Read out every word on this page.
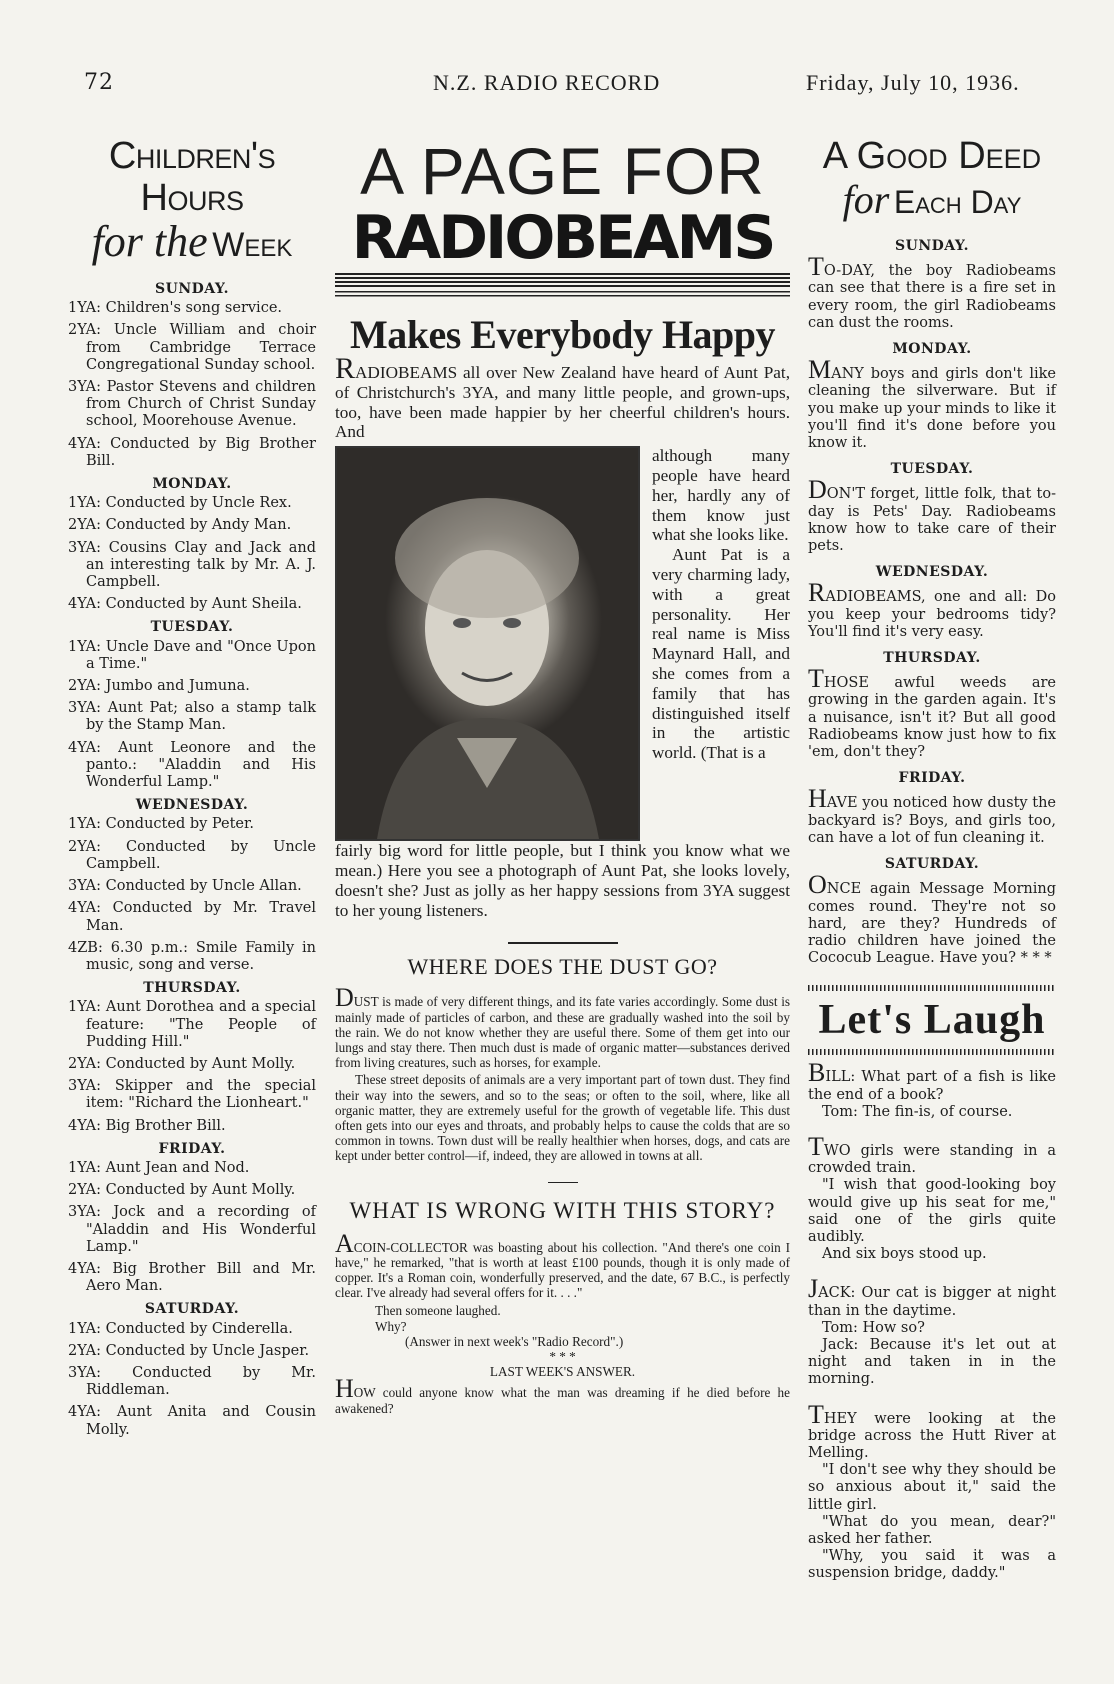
72	N.Z. RADIO RECORD	Friday, July 10, 1936.
Children's Hours
for the Week
SUNDAY.
1YA: Children's song service.
2YA: Uncle William and choir from Cambridge Terrace Congregational Sunday school.
3YA: Pastor Stevens and children from Church of Christ Sunday school, Moorehouse Avenue.
4YA: Conducted by Big Brother Bill.
MONDAY.
1YA: Conducted by Uncle Rex.
2YA: Conducted by Andy Man.
3YA: Cousins Clay and Jack and an interesting talk by Mr. A. J. Campbell.
4YA: Conducted by Aunt Sheila.
TUESDAY.
1YA: Uncle Dave and "Once Upon a Time."
2YA: Jumbo and Jumuna.
3YA: Aunt Pat; also a stamp talk by the Stamp Man.
4YA: Aunt Leonore and the panto.: "Aladdin and His Wonderful Lamp."
WEDNESDAY.
1YA: Conducted by Peter.
2YA: Conducted by Uncle Campbell.
3YA: Conducted by Uncle Allan.
4YA: Conducted by Mr. Travel Man.
4ZB: 6.30 p.m.: Smile Family in music, song and verse.
THURSDAY.
1YA: Aunt Dorothea and a special feature: "The People of Pudding Hill."
2YA: Conducted by Aunt Molly.
3YA: Skipper and the special item: "Richard the Lionheart."
4YA: Big Brother Bill.
FRIDAY.
1YA: Aunt Jean and Nod.
2YA: Conducted by Aunt Molly.
3YA: Jock and a recording of "Aladdin and His Wonderful Lamp."
4YA: Big Brother Bill and Mr. Aero Man.
SATURDAY.
1YA: Conducted by Cinderella.
2YA: Conducted by Uncle Jasper.
3YA: Conducted by Mr. Riddleman.
4YA: Aunt Anita and Cousin Molly.
A PAGE FOR
RADIOBEAMS
Makes Everybody Happy
RADIOBEAMS all over New Zealand have heard of Aunt Pat, of Christchurch's 3YA, and many little people, and grown-ups, too, have been made happier by her cheerful children's hours. And
although many people have heard her, hardly any of them know just what she looks like.
Aunt Pat is a very charming lady, with a great personality. Her real name is Miss Maynard Hall, and she comes from a family that has distinguished itself in the artistic world. (That is a
fairly big word for little people, but I think you know what we mean.) Here you see a photograph of Aunt Pat, she looks lovely, doesn't she? Just as jolly as her happy sessions from 3YA suggest to her young listeners.
WHERE DOES THE DUST GO?
DUST is made of very different things, and its fate varies accordingly. Some dust is mainly made of particles of carbon, and these are gradually washed into the soil by the rain. We do not know whether they are useful there. Some of them get into our lungs and stay there. Then much dust is made of organic matter—substances derived from living creatures, such as horses, for example.
These street deposits of animals are a very important part of town dust. They find their way into the sewers, and so to the seas; or often to the soil, where, like all organic matter, they are extremely useful for the growth of vegetable life. This dust often gets into our eyes and throats, and probably helps to cause the colds that are so common in towns. Town dust will be really healthier when horses, dogs, and cats are kept under better control—if, indeed, they are allowed in towns at all.
WHAT IS WRONG WITH THIS STORY?
ACOIN-COLLECTOR was boasting about his collection. "And there's one coin I have," he remarked, "that is worth at least £100 pounds, though it is only made of copper. It's a Roman coin, wonderfully preserved, and the date, 67 B.C., is perfectly clear. I've already had several offers for it. . . ."
Then someone laughed.
Why?
(Answer in next week's "Radio Record".)
* * *
LAST WEEK'S ANSWER.
HOW could anyone know what the man was dreaming if he died before he awakened?
A Good Deed
for Each Day
SUNDAY.
TO-DAY, the boy Radiobeams can see that there is a fire set in every room, the girl Radiobeams can dust the rooms.
MONDAY.
MANY boys and girls don't like cleaning the silverware. But if you make up your minds to like it you'll find it's done before you know it.
TUESDAY.
DON'T forget, little folk, that to-day is Pets' Day. Radiobeams know how to take care of their pets.
WEDNESDAY.
RADIOBEAMS, one and all: Do you keep your bedrooms tidy? You'll find it's very easy.
THURSDAY.
THOSE awful weeds are growing in the garden again. It's a nuisance, isn't it? But all good Radiobeams know just how to fix 'em, don't they?
FRIDAY.
HAVE you noticed how dusty the backyard is? Boys, and girls too, can have a lot of fun cleaning it.
SATURDAY.
ONCE again Message Morning comes round. They're not so hard, are they? Hundreds of radio children have joined the Cococub League. Have you? * * *
Let's Laugh
BILL: What part of a fish is like the end of a book?
Tom: The fin-is, of course.
TWO girls were standing in a crowded train.
"I wish that good-looking boy would give up his seat for me," said one of the girls quite audibly.
And six boys stood up.
JACK: Our cat is bigger at night than in the daytime.
Tom: How so?
Jack: Because it's let out at night and taken in in the morning.
THEY were looking at the bridge across the Hutt River at Melling.
"I don't see why they should be so anxious about it," said the little girl.
"What do you mean, dear?" asked her father.
"Why, you said it was a suspension bridge, daddy."
